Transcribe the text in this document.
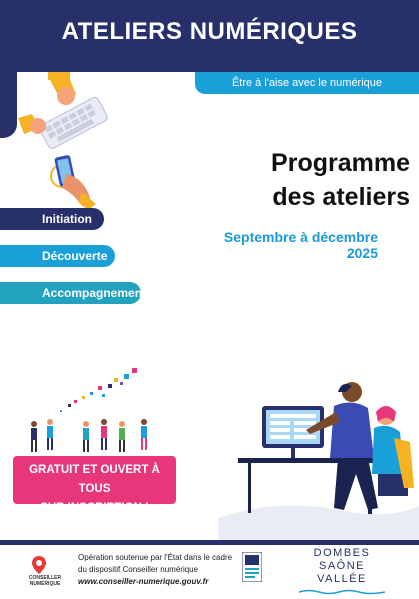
ATELIERS NUMÉRIQUES
Être à l'aise avec le numérique
Programme
des ateliers
Septembre à décembre 2025
Initiation
Découverte
Accompagnement
GRATUIT ET OUVERT À TOUS
SUR INSCRIPTION !
CONSEILLER NUMÉRIQUE
Opération soutenue par l'État dans le cadre
du dispositif Conseiller numérique
www.conseiller-numerique.gouv.fr
DOMBES
SAÔNE VALLÉE
